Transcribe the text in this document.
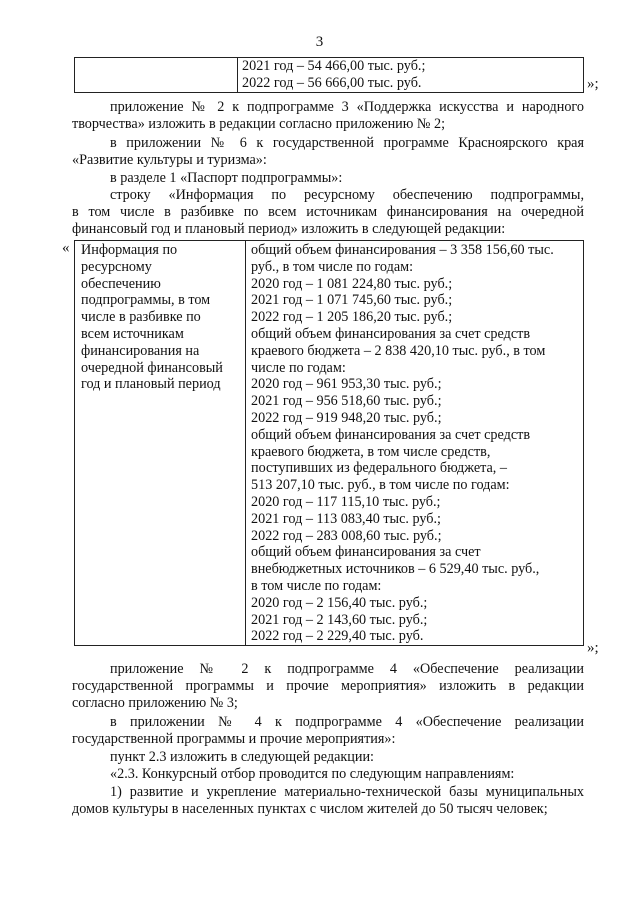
3

2021 год – 54 466,00 тыс. руб.;
2022 год – 56 666,00 тыс. руб.	»;
приложение № 2 к подпрограмме 3 «Поддержка искусства и народного
творчества» изложить в редакции согласно приложению № 2;
в приложении № 6 к государственной программе Красноярского края
«Развитие культуры и туризма»:
в разделе 1 «Паспорт подпрограммы»:
строку «Информация по ресурсному обеспечению подпрограммы,
в том числе в разбивке по всем источникам финансирования на очередной
финансовый год и плановый период» изложить в следующей редакции:
« Информация по
ресурсному
обеспечению
подпрограммы, в том
числе в разбивке по
всем источникам
финансирования на
очередной финансовый
год и плановый период

общий объем финансирования – 3 358 156,60 тыс.
руб., в том числе по годам:
2020 год – 1 081 224,80 тыс. руб.;
2021 год – 1 071 745,60 тыс. руб.;
2022 год – 1 205 186,20 тыс. руб.;
общий объем финансирования за счет средств
краевого бюджета – 2 838 420,10 тыс. руб., в том
числе по годам:
2020 год – 961 953,30 тыс. руб.;
2021 год – 956 518,60 тыс. руб.;
2022 год – 919 948,20 тыс. руб.;
общий объем финансирования за счет средств
краевого бюджета, в том числе средств,
поступивших из федерального бюджета, –
513 207,10 тыс. руб., в том числе по годам:
2020 год – 117 115,10 тыс. руб.;
2021 год – 113 083,40 тыс. руб.;
2022 год – 283 008,60 тыс. руб.;
общий объем финансирования за счет
внебюджетных источников – 6 529,40 тыс. руб.,
в том числе по годам:
2020 год – 2 156,40 тыс. руб.;
2021 год – 2 143,60 тыс. руб.;
2022 год – 2 229,40 тыс. руб.
»;
приложение № 2 к подпрограмме 4 «Обеспечение реализации
государственной программы и прочие мероприятия» изложить в редакции
согласно приложению № 3;
в приложении № 4 к подпрограмме 4 «Обеспечение реализации
государственной программы и прочие мероприятия»:
пункт 2.3 изложить в следующей редакции:
«2.3. Конкурсный отбор проводится по следующим направлениям:
1) развитие и укрепление материально-технической базы муниципальных
домов культуры в населенных пунктах с числом жителей до 50 тысяч человек;
